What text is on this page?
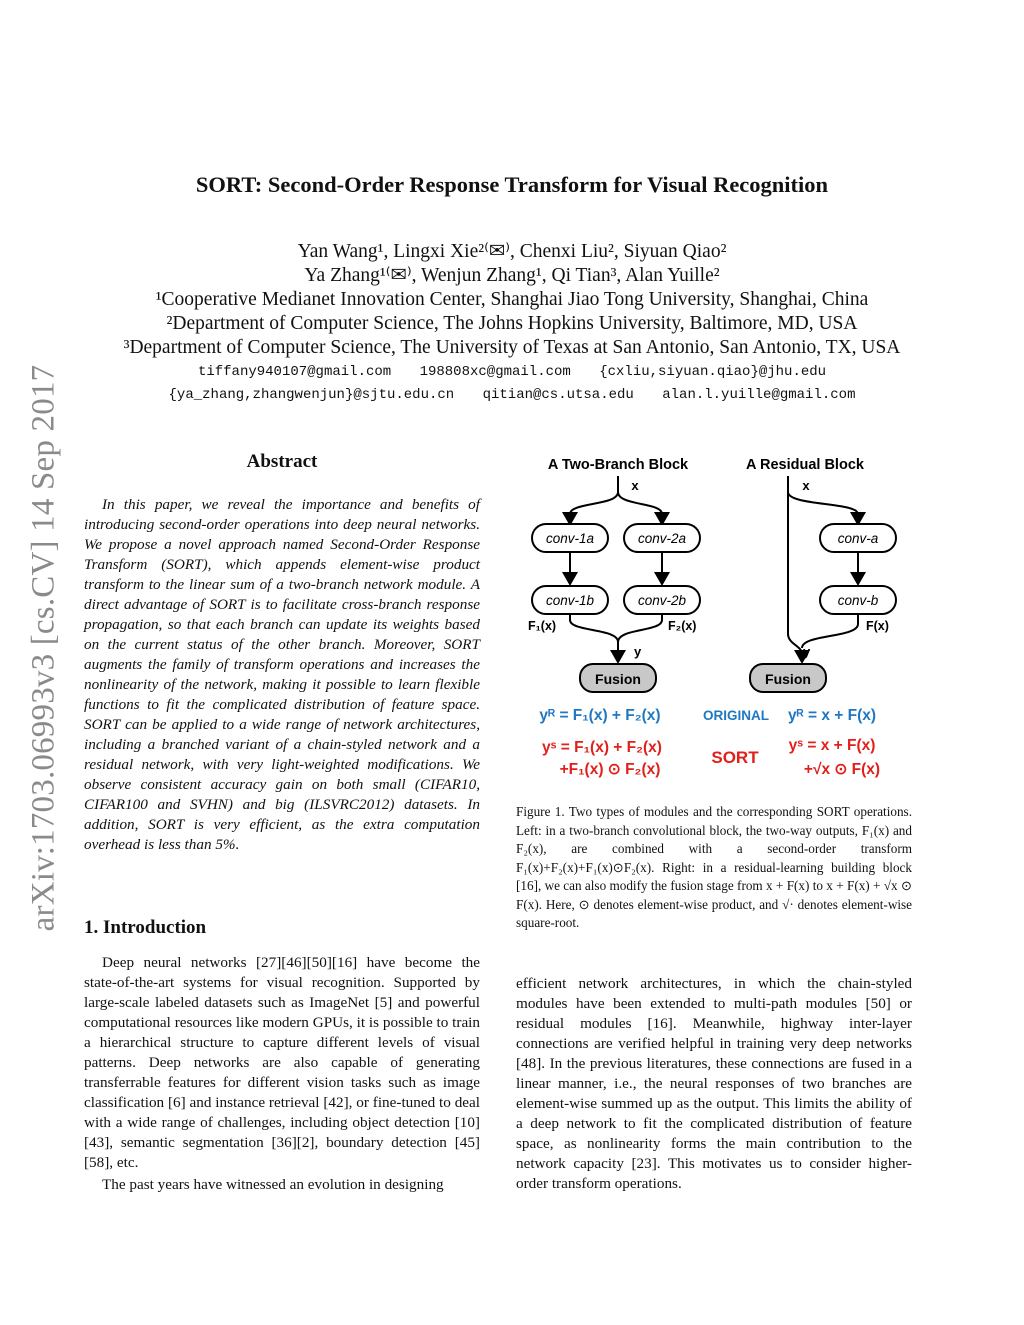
arXiv:1703.06993v3 [cs.CV] 14 Sep 2017
SORT: Second-Order Response Transform for Visual Recognition
Yan Wang¹, Lingxi Xie²⁽✉⁾, Chenxi Liu², Siyuan Qiao²
Ya Zhang¹⁽✉⁾, Wenjun Zhang¹, Qi Tian³, Alan Yuille²
¹Cooperative Medianet Innovation Center, Shanghai Jiao Tong University, Shanghai, China
²Department of Computer Science, The Johns Hopkins University, Baltimore, MD, USA
³Department of Computer Science, The University of Texas at San Antonio, San Antonio, TX, USA
tiffany940107@gmail.com 198808xc@gmail.com {cxliu,siyuan.qiao}@jhu.edu
{ya_zhang,zhangwenjun}@sjtu.edu.cn qitian@cs.utsa.edu alan.l.yuille@gmail.com
Abstract

In this paper, we reveal the importance and benefits of introducing second-order operations into deep neural networks. We propose a novel approach named Second-Order Response Transform (SORT), which appends element-wise product transform to the linear sum of a two-branch network module. A direct advantage of SORT is to facilitate cross-branch response propagation, so that each branch can update its weights based on the current status of the other branch. Moreover, SORT augments the family of transform operations and increases the nonlinearity of the network, making it possible to learn flexible functions to fit the complicated distribution of feature space. SORT can be applied to a wide range of network architectures, including a branched variant of a chain-styled network and a residual network, with very light-weighted modifications. We observe consistent accuracy gain on both small (CIFAR10, CIFAR100 and SVHN) and big (ILSVRC2012) datasets. In addition, SORT is very efficient, as the extra computation overhead is less than 5%.

1. Introduction

Deep neural networks [27][46][50][16] have become the state-of-the-art systems for visual recognition. Supported by large-scale labeled datasets such as ImageNet [5] and powerful computational resources like modern GPUs, it is possible to train a hierarchical structure to capture different levels of visual patterns. Deep networks are also capable of generating transferrable features for different vision tasks such as image classification [6] and instance retrieval [42], or fine-tuned to deal with a wide range of challenges, including object detection [10][43], semantic segmentation [36][2], boundary detection [45][58], etc.

The past years have witnessed an evolution in designing

efficient network architectures, in which the chain-styled modules have been extended to multi-path modules [50] or residual modules [16]. Meanwhile, highway inter-layer connections are verified helpful in training very deep networks [48]. In the previous literatures, these connections are fused in a linear manner, i.e., the neural responses of two branches are element-wise summed up as the output. This limits the ability of a deep network to fit the complicated distribution of feature space, as nonlinearity forms the main contribution to the network capacity [23]. This motivates us to consider higher-order transform operations.

A Two-Branch Block	A Residual Block
x
conv-1a	conv-2a
conv-1b	conv-2b
F₁(x)	F₂(x)
y
Fusion
x
conv-a
conv-b
F(x)
y
Fusion
yᴿ = F₁(x) + F₂(x)	ORIGINAL yᴿ = x + F(x)
yˢ = F₁(x) + F₂(x)
+F₁(x) ⊙ F₂(x)
SORT
yˢ = x + F(x)
+√x ⊙ F(x)
Figure 1. Two types of modules and the corresponding SORT operations. Left: in a two-branch convolutional block, the two-way outputs, F₁(x) and F₂(x), are combined with a second-order transform F₁(x)+F₂(x)+F₁(x)⊙F₂(x). Right: in a residual-learning building block [16], we can also modify the fusion stage from x + F(x) to x + F(x) + √x ⊙ F(x). Here, ⊙ denotes element-wise product, and √· denotes element-wise square-root.
